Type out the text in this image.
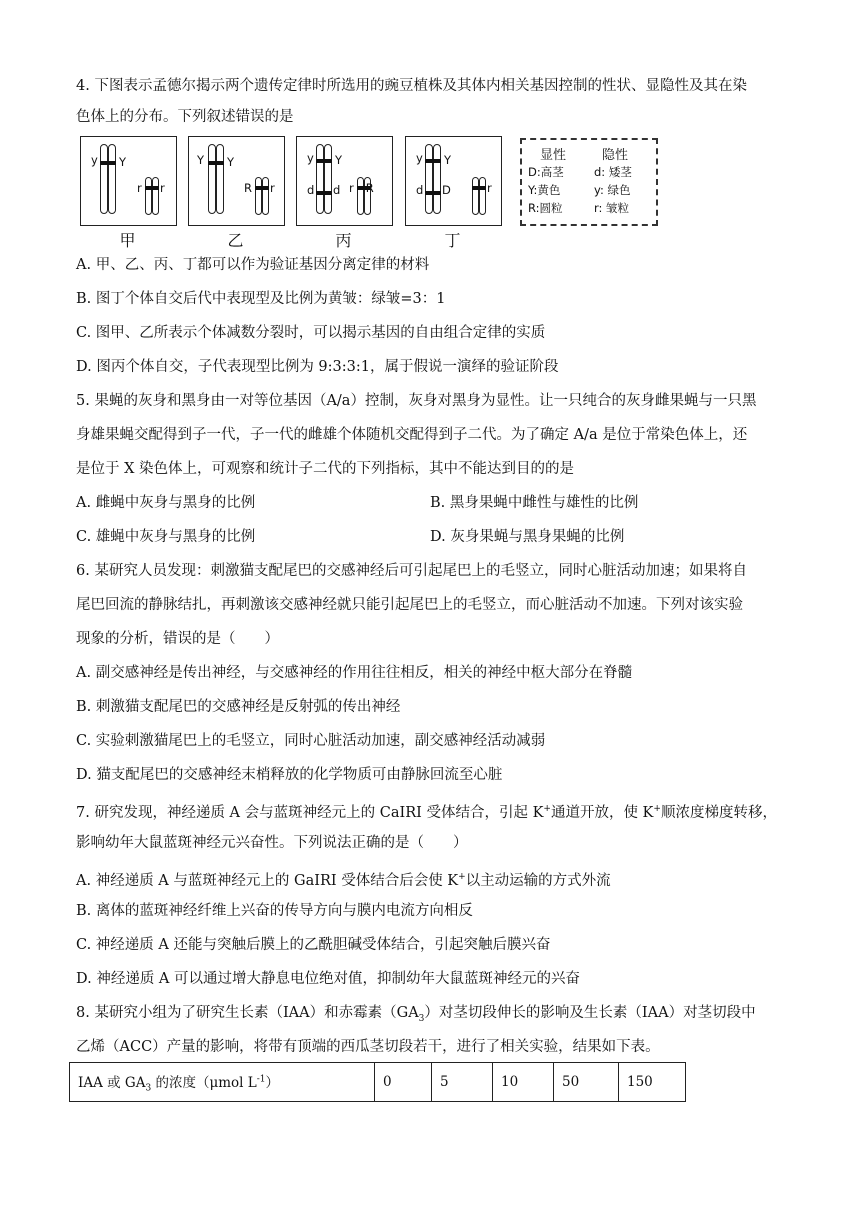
4. 下图表示孟德尔揭示两个遗传定律时所选用的豌豆植株及其体内相关基因控制的性状、显隐性及其在染
色体上的分布。下列叙述错误的是
y Y
r r
甲
Y Y
R r
乙
y Y
d d rR
丙
y Y
d D	r
丁
显性	隐性
D:高茎	d: 矮茎
Y:黄色	y: 绿色
R:圆粒	r: 皱粒
A. 甲、乙、丙、丁都可以作为验证基因分离定律的材料
B. 图丁个体自交后代中表现型及比例为黄皱：绿皱=3：1
C. 图甲、乙所表示个体减数分裂时，可以揭示基因的自由组合定律的实质
D. 图丙个体自交，子代表现型比例为 9:3:3:1，属于假说一演绎的验证阶段
5. 果蝇的灰身和黑身由一对等位基因（A/a）控制，灰身对黑身为显性。让一只纯合的灰身雌果蝇与一只黑
身雄果蝇交配得到子一代，子一代的雌雄个体随机交配得到子二代。为了确定 A/a 是位于常染色体上，还
是位于 X 染色体上，可观察和统计子二代的下列指标，其中不能达到目的的是
A. 雌蝇中灰身与黑身的比例	B. 黑身果蝇中雌性与雄性的比例
C. 雄蝇中灰身与黑身的比例	D. 灰身果蝇与黑身果蝇的比例
6. 某研究人员发现：刺激猫支配尾巴的交感神经后可引起尾巴上的毛竖立，同时心脏活动加速；如果将自
尾巴回流的静脉结扎，再刺激该交感神经就只能引起尾巴上的毛竖立，而心脏活动不加速。下列对该实验
现象的分析，错误的是（　　）
A. 副交感神经是传出神经，与交感神经的作用往往相反，相关的神经中枢大部分在脊髓
B. 刺激猫支配尾巴的交感神经是反射弧的传出神经
C. 实验刺激猫尾巴上的毛竖立，同时心脏活动加速，副交感神经活动减弱
D. 猫支配尾巴的交感神经末梢释放的化学物质可由静脉回流至心脏
7. 研究发现，神经递质 A 会与蓝斑神经元上的 CaIRI 受体结合，引起 K+通道开放，使 K+顺浓度梯度转移，
影响幼年大鼠蓝斑神经元兴奋性。下列说法正确的是（　　）
A. 神经递质 A 与蓝斑神经元上的 GaIRI 受体结合后会使 K+以主动运输的方式外流
B. 离体的蓝斑神经纤维上兴奋的传导方向与膜内电流方向相反
C. 神经递质 A 还能与突触后膜上的乙酰胆碱受体结合，引起突触后膜兴奋
D. 神经递质 A 可以通过增大静息电位绝对值，抑制幼年大鼠蓝斑神经元的兴奋
8. 某研究小组为了研究生长素（IAA）和赤霉素$(GA_3)$对茎切段伸长的影响及生长素（IAA）对茎切段中
乙烯（ACC）产量的影响，将带有顶端的西瓜茎切段若干，进行了相关实验，结果如下表。
IAA 或 $GA_3$ 的浓度（μmol $L^{-1}$）	0	5	10	50	150
